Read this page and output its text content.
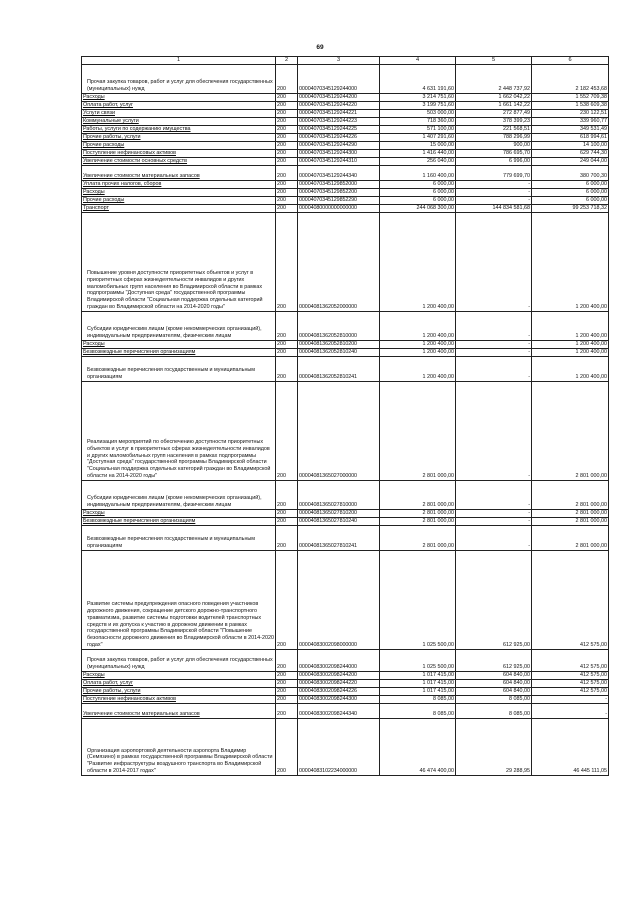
69
1	2	3	4	5	6
Прочая закупка товаров, работ и услуг для обеспечения государственных (муниципальных) нужд	200	00004070345129244000	4 631 191,60	2 448 737,92	2 182 453,68
Расходы	200	00004070345129244200	3 214 751,60	1 662 042,22	1 552 709,38
Оплата работ, услуг	200	00004070345129244220	3 199 751,60	1 661 142,22	1 538 609,38
Услуги связи	200	00004070345129244221	503 000,00	272 877,49	230 122,51
Коммунальные услуги	200	00004070345129244223	718 360,00	378 399,23	339 960,77
Работы, услуги по содержанию имущества	200	00004070345129244225	571 100,00	221 568,51	349 531,49
Прочие работы, услуги	200	00004070345129244226	1 407 291,60	788 296,99	618 994,61
Прочие расходы	200	00004070345129244290	15 000,00	900,00	14 100,00
Поступление нефинансовых активов	200	00004070345129244300	1 416 440,00	786 695,70	629 744,30
Увеличение стоимости основных средств	200	00004070345129244310	256 040,00	6 996,00	249 044,00
Увеличение стоимости материальных запасов	200	00004070345129244340	1 160 400,00	779 699,70	380 700,30
Уплата прочих налогов, сборов	200	00004070345129852000	6 000,00	-	6 000,00
Расходы	200	00004070345129852200	6 000,00	-	6 000,00
Прочие расходы	200	00004070345129852290	6 000,00	-	6 000,00
Транспорт	200	00004080000000000000	244 068 300,00	144 834 581,68	99 253 718,32
Повышение уровня доступности приоритетных объектов и услуг в приоритетных сферах жизнедеятельности инвалидов и других маломобильных групп населения во Владимирской области в рамках подпрограммы "Доступная среда" государственной программы Владимирской области "Социальная поддержка отдельных категорий граждан во Владимирской области на 2014-2020 годы"	200	00004081362052000000	1 200 400,00	-	1 200 400,00
Субсидии юридическим лицам (кроме некоммерческих организаций), индивидуальным предпринимателям, физическим лицам	200	00004081362052810000	1 200 400,00	-	1 200 400,00
Расходы	200	00004081362052810200	1 200 400,00	-	1 200 400,00
Безвозмездные перечисления организациям	200	00004081362052810240	1 200 400,00	-	1 200 400,00
Безвозмездные перечисления государственным и муниципальным организациям	200	00004081362052810241	1 200 400,00	-	1 200 400,00
Реализация мероприятий по обеспечению доступности приоритетных объектов и услуг в приоритетных сферах жизнедеятельности инвалидов и других маломобильных групп населения в рамках подпрограммы "Доступная среда" государственной программы Владимирской области "Социальная поддержка отдельных категорий граждан во Владимирской области на 2014-2020 годы"	200	00004081365027000000	2 801 000,00	-	2 801 000,00
Субсидии юридическим лицам (кроме некоммерческих организаций), индивидуальным предпринимателям, физическим лицам	200	00004081365027810000	2 801 000,00	-	2 801 000,00
Расходы	200	00004081365027810200	2 801 000,00	-	2 801 000,00
Безвозмездные перечисления организациям	200	00004081365027810240	2 801 000,00	-	2 801 000,00
Безвозмездные перечисления государственным и муниципальным организациям	200	00004081365027810241	2 801 000,00	-	2 801 000,00
Развитие системы предупреждения опасного поведения участников дорожного движения, сокращение детского дорожно-транспортного травматизма, развитие системы подготовки водителей транспортных средств и их допуска к участию в дорожном движении в рамках государственной программы Владимирской области "Повышение безопасности дорожного движения во Владимирской области в 2014-2020 годах"	200	00004083002098000000	1 025 500,00	612 925,00	412 575,00
Прочая закупка товаров, работ и услуг для обеспечения государственных (муниципальных) нужд	200	00004083002098244000	1 025 500,00	612 925,00	412 575,00
Расходы	200	00004083002098244200	1 017 415,00	604 840,00	412 575,00
Оплата работ, услуг	200	00004083002098244220	1 017 415,00	604 840,00	412 575,00
Прочие работы, услуги	200	00004083002098244226	1 017 415,00	604 840,00	412 575,00
Поступление нефинансовых активов	200	00004083002098244300	8 085,00	8 085,00	-
Увеличение стоимости материальных запасов	200	00004083002098244340	8 085,00	8 085,00	-
Организация аэропортовой деятельности аэропорта Владимир (Семязино) в рамках государственной программы Владимирской области "Развитие инфраструктуры воздушного транспорта во Владимирской области в 2014-2017 годах"	200	00004083102234000000	46 474 400,00	29 288,95	46 445 111,05
